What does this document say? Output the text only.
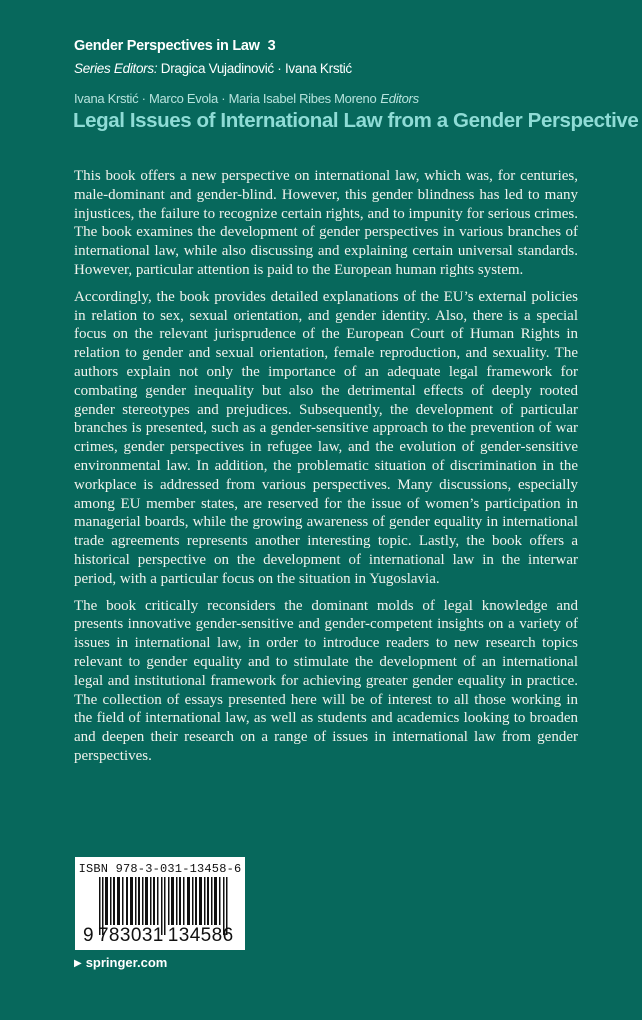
Gender Perspectives in Law 3
Series Editors: Dragica Vujadinović · Ivana Krstić
Ivana Krstić · Marco Evola · Maria Isabel Ribes Moreno Editors
Legal Issues of International Law from a Gender Perspective

This book offers a new perspective on international law, which was, for centuries, male-dominant and gender-blind. However, this gender blindness has led to many injustices, the failure to recognize certain rights, and to impunity for serious crimes. The book examines the development of gender perspectives in various branches of international law, while also discussing and explaining certain universal standards. However, particular attention is paid to the European human rights system.

Accordingly, the book provides detailed explanations of the EU’s external policies in relation to sex, sexual orientation, and gender identity. Also, there is a special focus on the relevant jurisprudence of the European Court of Human Rights in relation to gender and sexual orientation, female reproduction, and sexuality. The authors explain not only the importance of an adequate legal framework for combating gender inequality but also the detrimental effects of deeply rooted gender stereotypes and prejudices. Subsequently, the development of particular branches is presented, such as a gender-sensitive approach to the prevention of war crimes, gender perspectives in refugee law, and the evolution of gender-sensitive environmental law. In addition, the problematic situation of discrimination in the workplace is addressed from various perspectives. Many discussions, especially among EU member states, are reserved for the issue of women’s participation in managerial boards, while the growing awareness of gender equality in international trade agreements represents another interesting topic. Lastly, the book offers a historical perspective on the development of international law in the interwar period, with a particular focus on the situation in Yugoslavia.

The book critically reconsiders the dominant molds of legal knowledge and presents innovative gender-sensitive and gender-competent insights on a variety of issues in international law, in order to introduce readers to new research topics relevant to gender equality and to stimulate the development of an international legal and institutional framework for achieving greater gender equality in practice. The collection of essays presented here will be of interest to all those working in the field of international law, as well as students and academics looking to broaden and deepen their research on a range of issues in international law from gender perspectives.

ISBN 978-3-031-13458-6
9 783031 134586
▶ springer.com
